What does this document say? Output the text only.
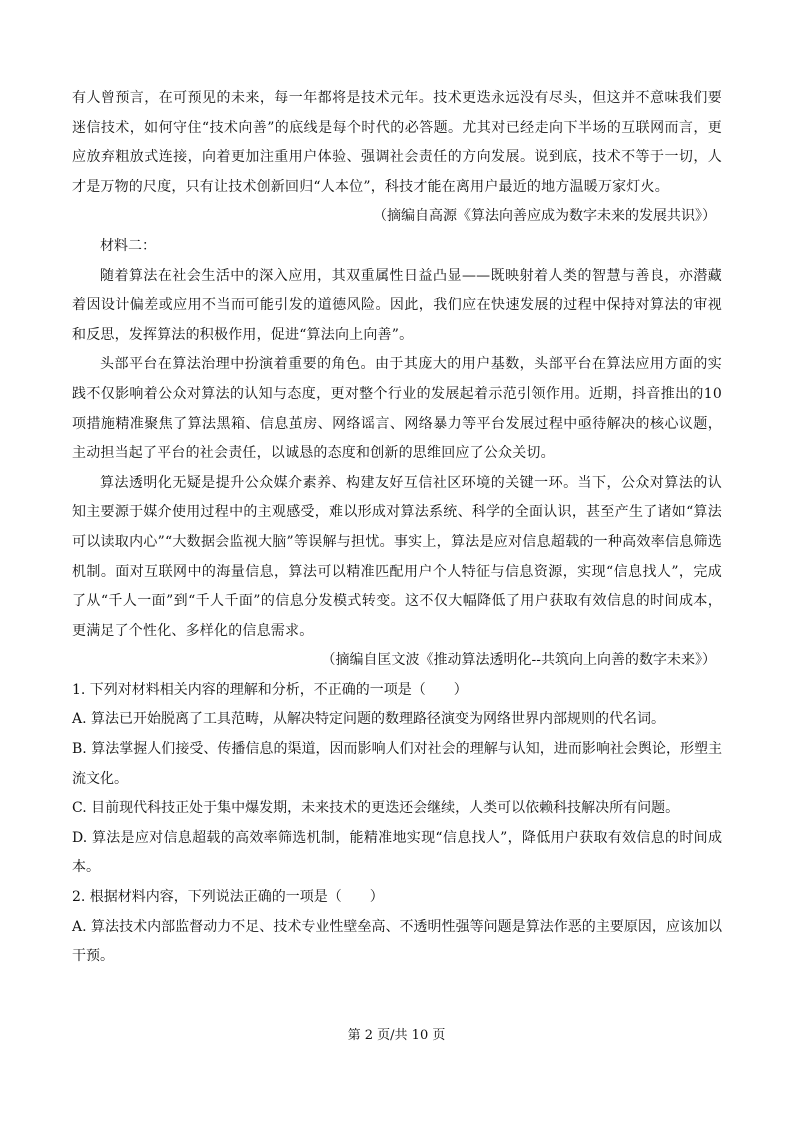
有人曾预言，在可预见的未来，每一年都将是技术元年。技术更迭永远没有尽头，但这并不意味我们要迷信技术，如何守住“技术向善”的底线是每个时代的必答题。尤其对已经走向下半场的互联网而言，更应放弃粗放式连接，向着更加注重用户体验、强调社会责任的方向发展。说到底，技术不等于一切，人才是万物的尺度，只有让技术创新回归“人本位”，科技才能在离用户最近的地方温暖万家灯火。

（摘编自高源《算法向善应成为数字未来的发展共识》）

材料二：

随着算法在社会生活中的深入应用，其双重属性日益凸显——既映射着人类的智慧与善良，亦潜藏着因设计偏差或应用不当而可能引发的道德风险。因此，我们应在快速发展的过程中保持对算法的审视和反思，发挥算法的积极作用，促进“算法向上向善”。

头部平台在算法治理中扮演着重要的角色。由于其庞大的用户基数，头部平台在算法应用方面的实践不仅影响着公众对算法的认知与态度，更对整个行业的发展起着示范引领作用。近期，抖音推出的10项措施精准聚焦了算法黑箱、信息茧房、网络谣言、网络暴力等平台发展过程中亟待解决的核心议题，主动担当起了平台的社会责任，以诚恳的态度和创新的思维回应了公众关切。

算法透明化无疑是提升公众媒介素养、构建友好互信社区环境的关键一环。当下，公众对算法的认知主要源于媒介使用过程中的主观感受，难以形成对算法系统、科学的全面认识，甚至产生了诸如“算法可以读取内心”“大数据会监视大脑”等误解与担忧。事实上，算法是应对信息超载的一种高效率信息筛选机制。面对互联网中的海量信息，算法可以精准匹配用户个人特征与信息资源，实现“信息找人”，完成了从“千人一面”到“千人千面”的信息分发模式转变。这不仅大幅降低了用户获取有效信息的时间成本，更满足了个性化、多样化的信息需求。

（摘编自匡文波《推动算法透明化--共筑向上向善的数字未来》）

1. 下列对材料相关内容的理解和分析，不正确的一项是（　　）

A. 算法已开始脱离了工具范畴，从解决特定问题的数理路径演变为网络世界内部规则的代名词。

B. 算法掌握人们接受、传播信息的渠道，因而影响人们对社会的理解与认知，进而影响社会舆论，形塑主流文化。

C. 目前现代科技正处于集中爆发期，未来技术的更迭还会继续，人类可以依赖科技解决所有问题。

D. 算法是应对信息超载的高效率筛选机制，能精准地实现“信息找人”，降低用户获取有效信息的时间成本。

2. 根据材料内容，下列说法正确的一项是（　　）

A. 算法技术内部监督动力不足、技术专业性壁垒高、不透明性强等问题是算法作恶的主要原因，应该加以干预。

第 2 页/共 10 页
